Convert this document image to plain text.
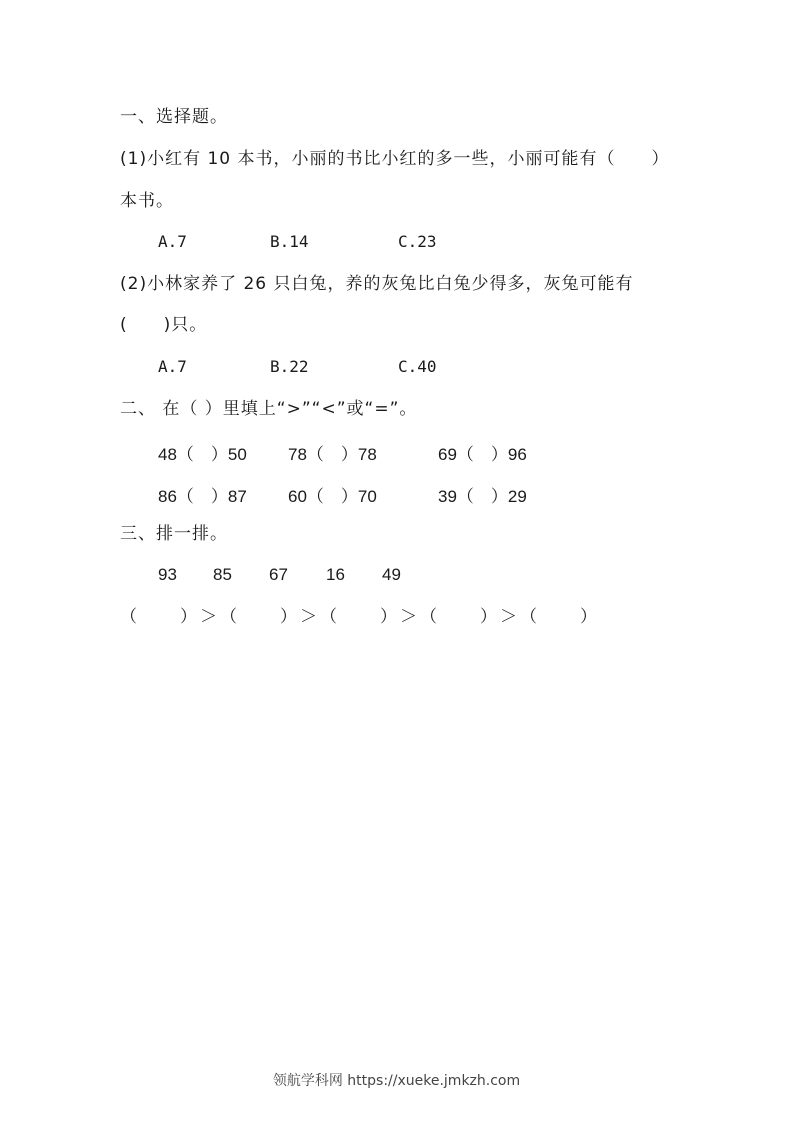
一、选择题。
(1)小红有 10 本书，小丽的书比小红的多一些，小丽可能有（　　）
本书。
A.7	B.14	C.23
(2)小林家养了 26 只白兔，养的灰兔比白兔少得多，灰兔可能有
(　　)只。
A.7	B.22	C.40
二、 在（ ）里填上“>”“<”或“=”。
48（　）50 78（　）78	69（　）96
86（　）87 60（　）70	39（　）29
三、排一排。
93 85 67 16 49
（　　）＞（　　）＞（　　）＞（　　）＞（　　）
领航学科网 https://xueke.jmkzh.com
